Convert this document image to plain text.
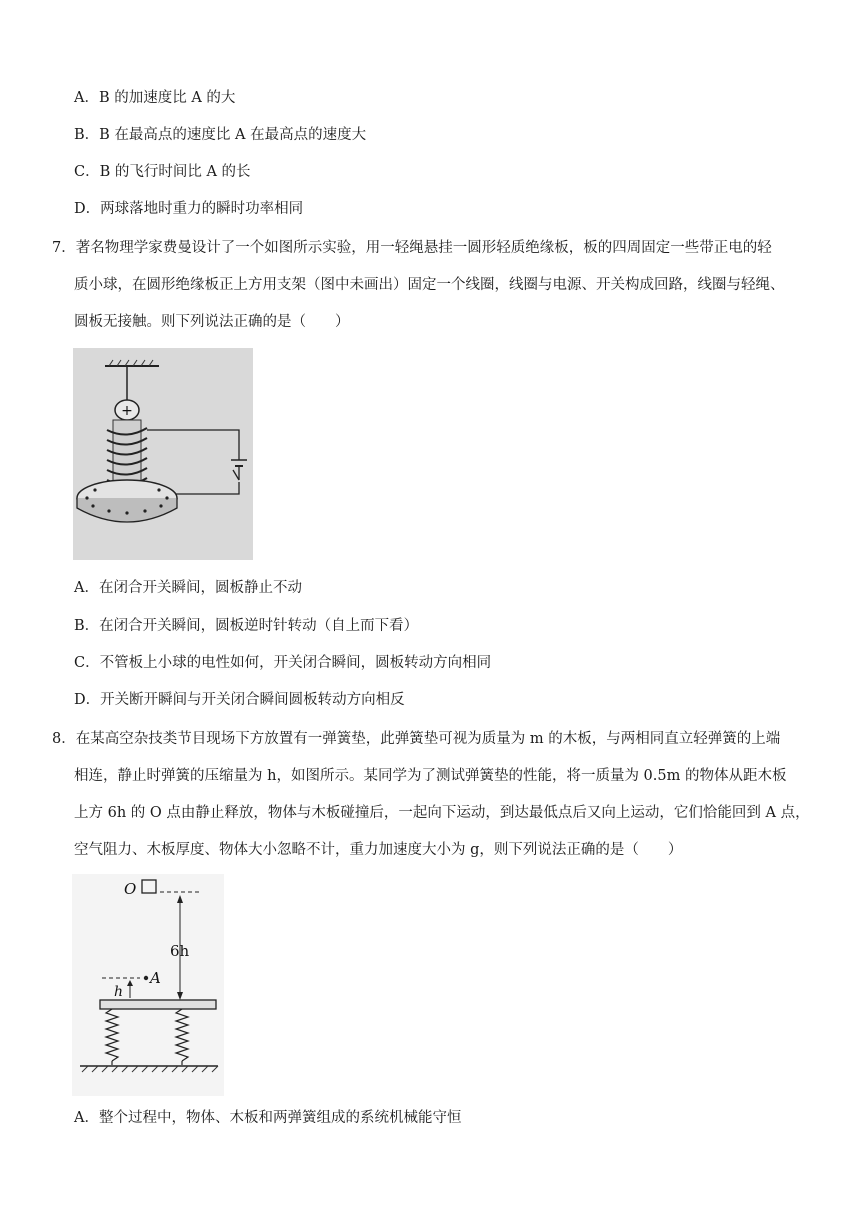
A．B 的加速度比 A 的大
B．B 在最高点的速度比 A 在最高点的速度大
C．B 的飞行时间比 A 的长
D．两球落地时重力的瞬时功率相同
7．著名物理学家费曼设计了一个如图所示实验，用一轻绳悬挂一圆形轻质绝缘板，板的四周固定一些带正电的轻
质小球，在圆形绝缘板正上方用支架（图中未画出）固定一个线圈，线圈与电源、开关构成回路，线圈与轻绳、
圆板无接触。则下列说法正确的是（　　）
+
A．在闭合开关瞬间，圆板静止不动
B．在闭合开关瞬间，圆板逆时针转动（自上而下看）
C．不管板上小球的电性如何，开关闭合瞬间，圆板转动方向相同
D．开关断开瞬间与开关闭合瞬间圆板转动方向相反
8．在某高空杂技类节目现场下方放置有一弹簧垫，此弹簧垫可视为质量为 m 的木板，与两相同直立轻弹簧的上端
相连，静止时弹簧的压缩量为 h，如图所示。某同学为了测试弹簧垫的性能，将一质量为 0.5m 的物体从距木板
上方 6h 的 O 点由静止释放，物体与木板碰撞后，一起向下运动，到达最低点后又向上运动，它们恰能回到 A 点，
空气阻力、木板厚度、物体大小忽略不计，重力加速度大小为 g，则下列说法正确的是（　　）
O
6h
A
h
A．整个过程中，物体、木板和两弹簧组成的系统机械能守恒
